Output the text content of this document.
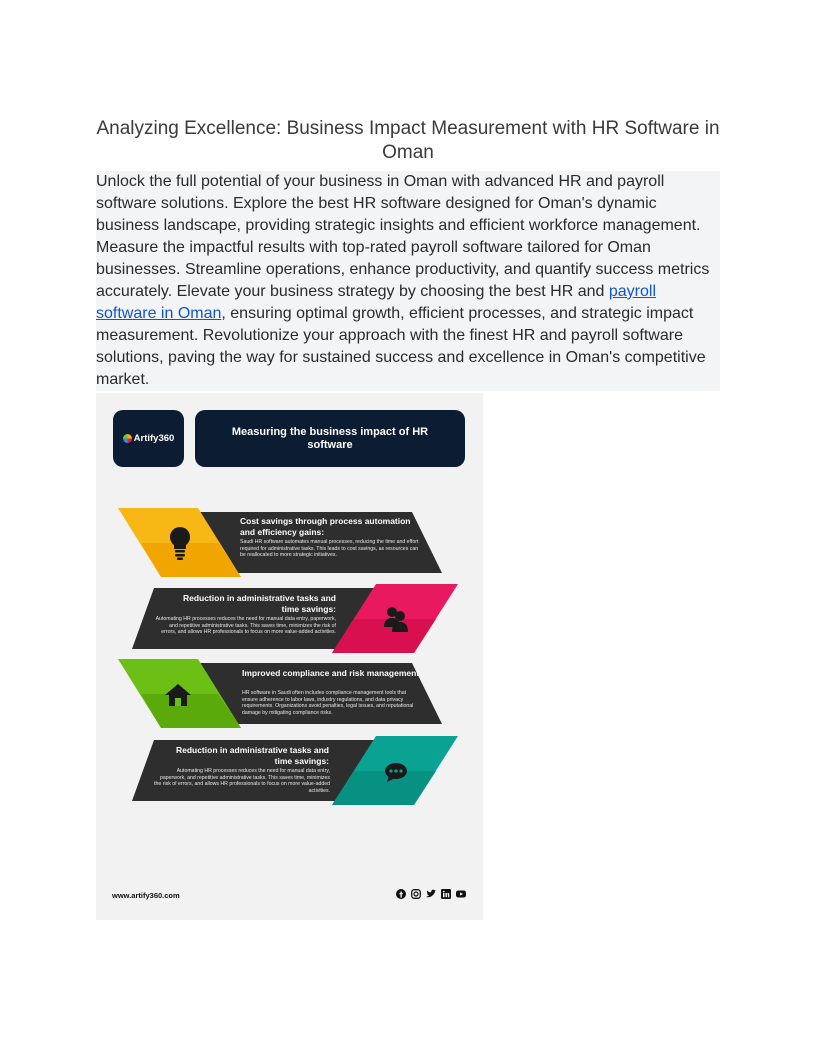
Analyzing Excellence: Business Impact Measurement with HR Software in Oman
Unlock the full potential of your business in Oman with advanced HR and payroll software solutions. Explore the best HR software designed for Oman's dynamic business landscape, providing strategic insights and efficient workforce management. Measure the impactful results with top-rated payroll software tailored for Oman businesses. Streamline operations, enhance productivity, and quantify success metrics accurately. Elevate your business strategy by choosing the best HR and payroll software in Oman, ensuring optimal growth, efficient processes, and strategic impact measurement. Revolutionize your approach with the finest HR and payroll software solutions, paving the way for sustained success and excellence in Oman's competitive market.
Artify360
Measuring the business impact of HR software
Cost savings through process automation and efficiency gains:
Saudi HR software automates manual processes, reducing the time and effort required for administrative tasks. This leads to cost savings, as resources can be reallocated to more strategic initiatives.
Reduction in administrative tasks and time savings:
Automating HR processes reduces the need for manual data entry, paperwork, and repetitive administrative tasks. This saves time, minimizes the risk of errors, and allows HR professionals to focus on more value-added activities.
Improved compliance and risk management:
HR software in Saudi often includes compliance management tools that ensure adherence to labor laws, industry regulations, and data privacy requirements. Organizations avoid penalties, legal issues, and reputational damage by mitigating compliance risks.
Reduction in administrative tasks and time savings:
Automating HR processes reduces the need for manual data entry, paperwork, and repetitive administrative tasks. This saves time, minimizes the risk of errors, and allows HR professionals to focus on more value-added activities.
www.artify360.com
